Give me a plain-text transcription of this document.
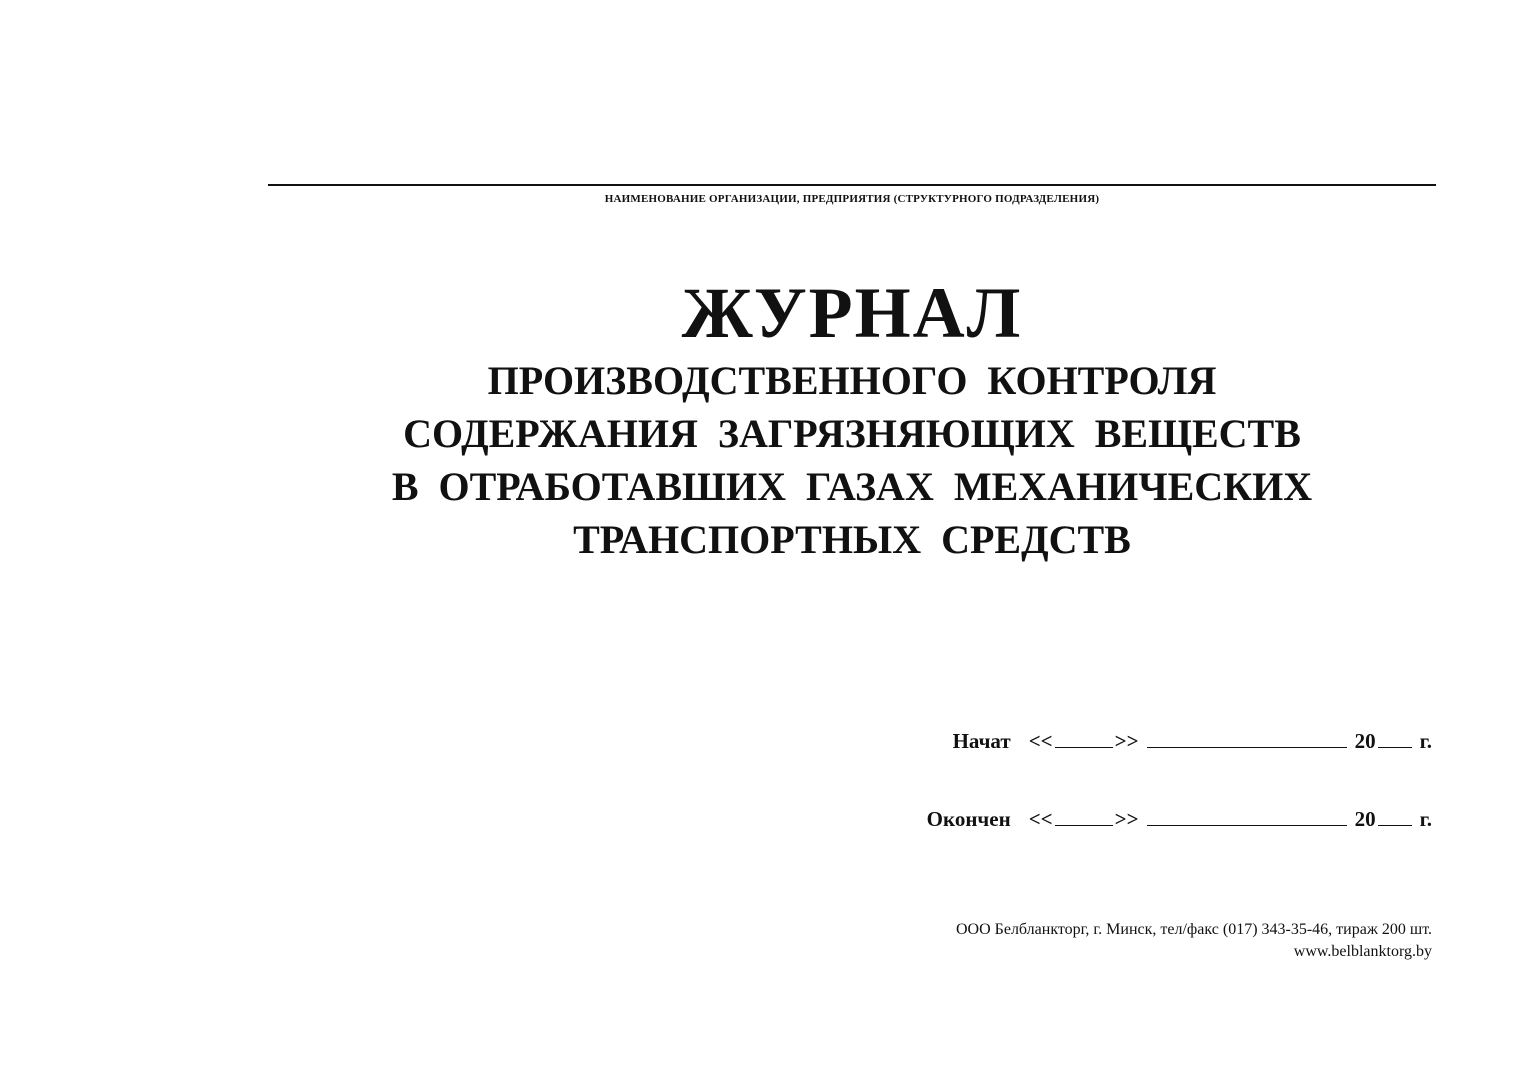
НАИМЕНОВАНИЕ ОРГАНИЗАЦИИ, ПРЕДПРИЯТИЯ (СТРУКТУРНОГО ПОДРАЗДЕЛЕНИЯ)
ЖУРНАЛ
ПРОИЗВОДСТВЕННОГО КОНТРОЛЯ
СОДЕРЖАНИЯ ЗАГРЯЗНЯЮЩИХ ВЕЩЕСТВ
В ОТРАБОТАВШИХ ГАЗАХ МЕХАНИЧЕСКИХ
ТРАНСПОРТНЫХ СРЕДСТВ
Начат <<	>>	20 г.
Окончен <<	>>	20 г.
ООО Белбланкторг, г. Минск, тел/факс (017) 343-35-46, тираж 200 шт.
www.belblanktorg.by
